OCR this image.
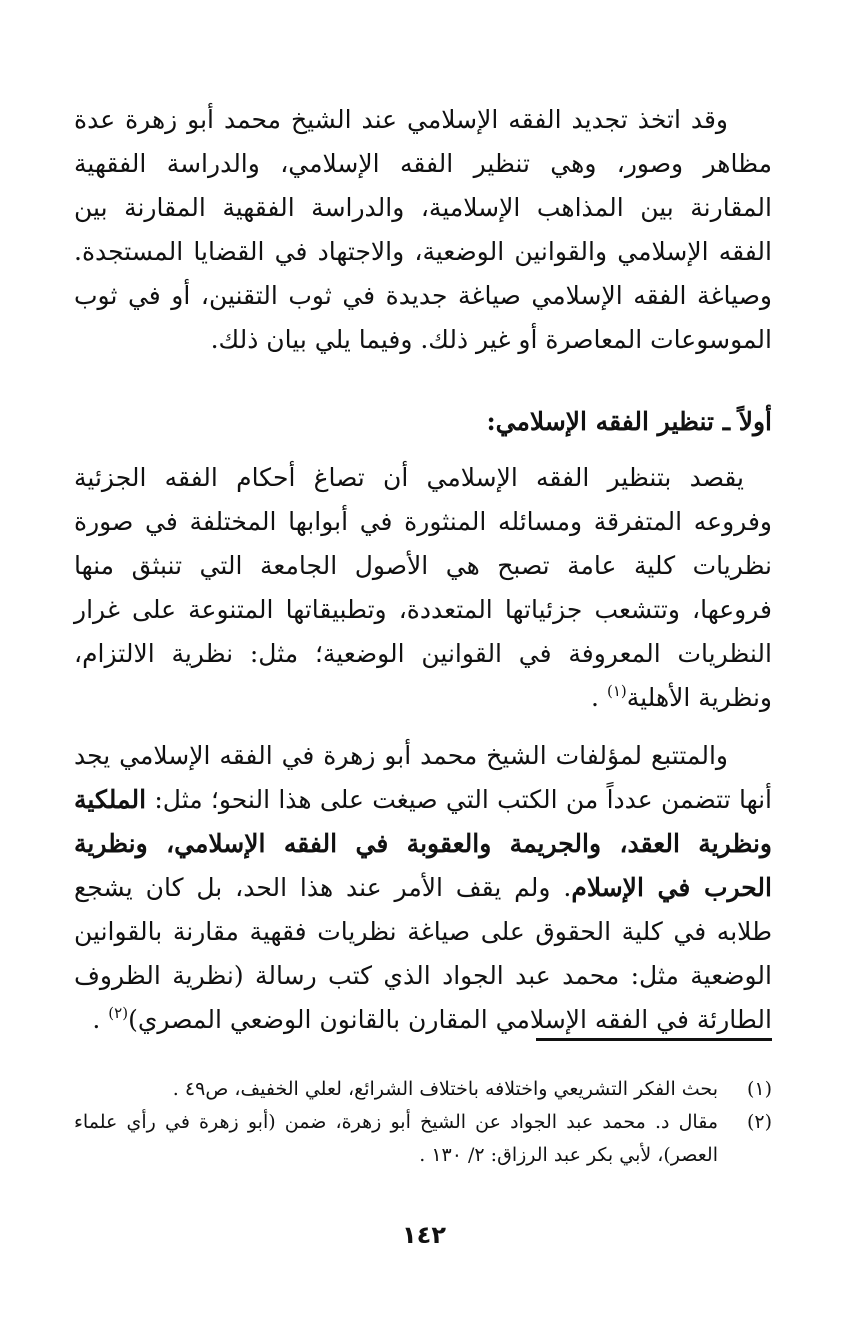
وقد اتخذ تجديد الفقه الإسلامي عند الشيخ محمد أبو زهرة عدة مظاهر وصور، وهي تنظير الفقه الإسلامي، والدراسة الفقهية المقارنة بين المذاهب الإسلامية، والدراسة الفقهية المقارنة بين الفقه الإسلامي والقوانين الوضعية، والاجتهاد في القضايا المستجدة. وصياغة الفقه الإسلامي صياغة جديدة في ثوب التقنين، أو في ثوب الموسوعات المعاصرة أو غير ذلك. وفيما يلي بيان ذلك.

أولاً ـ تنظير الفقه الإسلامي:

يقصد بتنظير الفقه الإسلامي أن تصاغ أحكام الفقه الجزئية وفروعه المتفرقة ومسائله المنثورة في أبوابها المختلفة في صورة نظريات كلية عامة تصبح هي الأصول الجامعة التي تنبثق منها فروعها، وتتشعب جزئياتها المتعددة، وتطبيقاتها المتنوعة على غرار النظريات المعروفة في القوانين الوضعية؛ مثل: نظرية الالتزام، ونظرية الأهلية$^{(١)}$ .

والمتتبع لمؤلفات الشيخ محمد أبو زهرة في الفقه الإسلامي يجد أنها تتضمن عدداً من الكتب التي صيغت على هذا النحو؛ مثل: الملكية ونظرية العقد، والجريمة والعقوبة في الفقه الإسلامي، ونظرية الحرب في الإسلام. ولم يقف الأمر عند هذا الحد، بل كان يشجع طلابه في كلية الحقوق على صياغة نظريات فقهية مقارنة بالقوانين الوضعية مثل: محمد عبد الجواد الذي كتب رسالة (نظرية الظروف الطارئة في الفقه الإسلامي المقارن بالقانون الوضعي المصري)$^{(٢)}$ .

(١)
بحث الفكر التشريعي واختلافه باختلاف الشرائع، لعلي الخفيف، ص٤٩ .
(٢)
مقال د. محمد عبد الجواد عن الشيخ أبو زهرة، ضمن (أبو زهرة في رأي علماء العصر)، لأبي بكر عبد الرزاق: ٢/ ١٣٠ .
١٤٢
